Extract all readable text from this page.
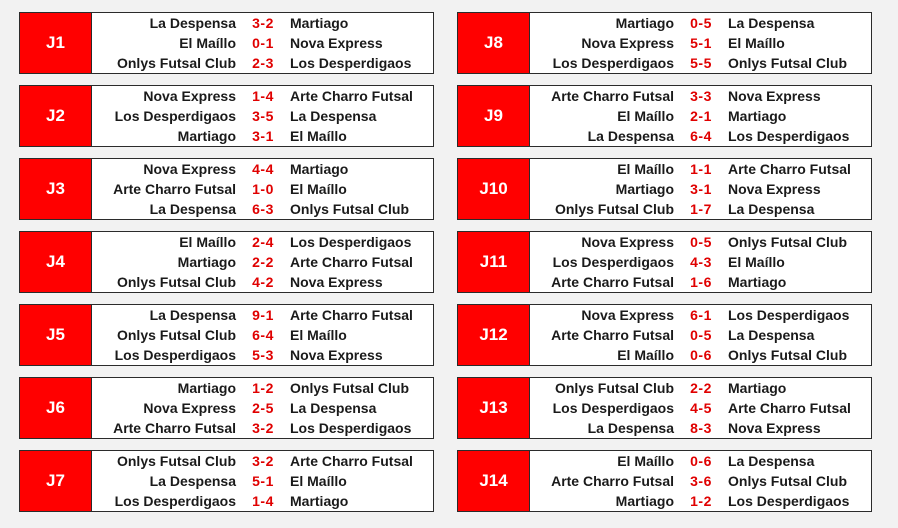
J1
La Despensa	3-2	Martiago
El Maíllo	0-1	Nova Express
Onlys Futsal Club	2-3	Los Desperdigaos
J2
Nova Express	1-4	Arte Charro Futsal
Los Desperdigaos	3-5	La Despensa
Martiago	3-1	El Maíllo
J3
Nova Express	4-4	Martiago
Arte Charro Futsal	1-0	El Maíllo
La Despensa	6-3	Onlys Futsal Club
J4
El Maíllo	2-4	Los Desperdigaos
Martiago	2-2	Arte Charro Futsal
Onlys Futsal Club	4-2	Nova Express
J5
La Despensa	9-1	Arte Charro Futsal
Onlys Futsal Club	6-4	El Maíllo
Los Desperdigaos	5-3	Nova Express
J6
Martiago	1-2	Onlys Futsal Club
Nova Express	2-5	La Despensa
Arte Charro Futsal	3-2	Los Desperdigaos
J7
Onlys Futsal Club	3-2	Arte Charro Futsal
La Despensa	5-1	El Maíllo
Los Desperdigaos	1-4	Martiago
J8
Martiago	0-5	La Despensa
Nova Express	5-1	El Maíllo
Los Desperdigaos	5-5	Onlys Futsal Club
J9
Arte Charro Futsal	3-3	Nova Express
El Maíllo	2-1	Martiago
La Despensa	6-4	Los Desperdigaos
J10
El Maíllo	1-1	Arte Charro Futsal
Martiago	3-1	Nova Express
Onlys Futsal Club	1-7	La Despensa
J11
Nova Express	0-5	Onlys Futsal Club
Los Desperdigaos	4-3	El Maíllo
Arte Charro Futsal	1-6	Martiago
J12
Nova Express	6-1	Los Desperdigaos
Arte Charro Futsal	0-5	La Despensa
El Maíllo	0-6	Onlys Futsal Club
J13
Onlys Futsal Club	2-2	Martiago
Los Desperdigaos	4-5	Arte Charro Futsal
La Despensa	8-3	Nova Express
J14
El Maíllo	0-6	La Despensa
Arte Charro Futsal	3-6	Onlys Futsal Club
Martiago	1-2	Los Desperdigaos
